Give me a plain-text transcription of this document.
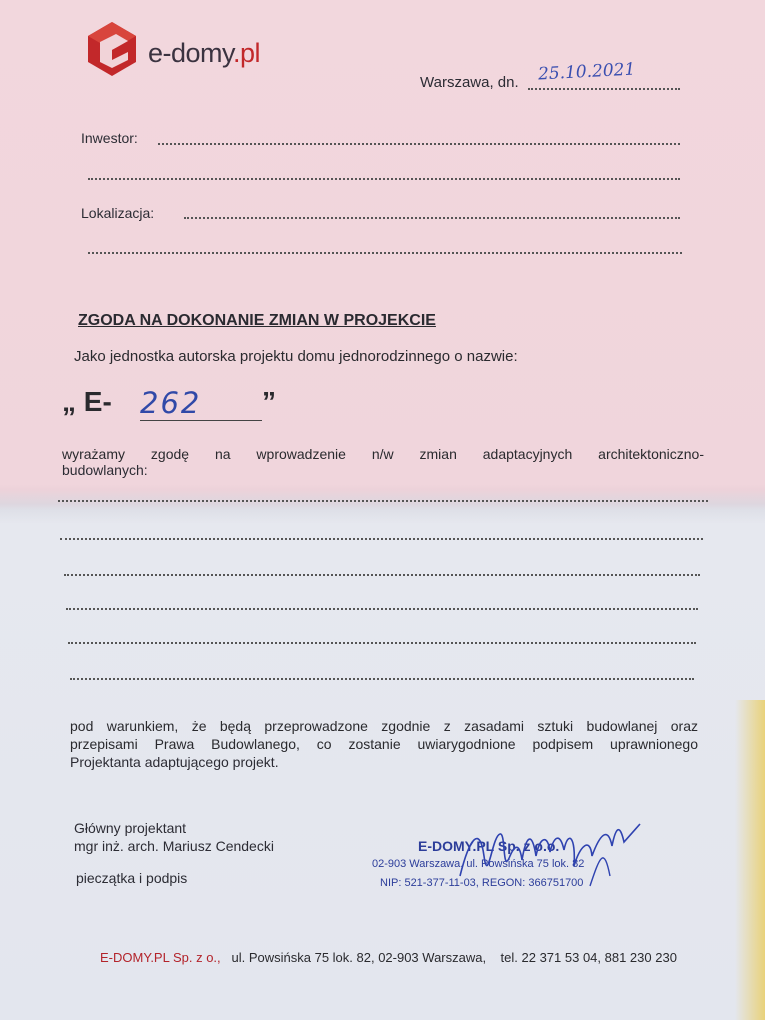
e-domy.pl
Warszawa, dn. 25.10.2021
Inwestor:
Lokalizacja:
ZGODA NA DOKONANIE ZMIAN W PROJEKCIE
Jako jednostka autorska projektu domu jednorodzinnego o nazwie:
„ E- 262 ”
wyrażamy zgodę na wprowadzenie n/w zmian adaptacyjnych architektoniczno-
budowlanych:
pod warunkiem, że będą przeprowadzone zgodnie z zasadami sztuki budowlanej oraz
przepisami Prawa Budowlanego, co zostanie uwiarygodnione podpisem uprawnionego
Projektanta adaptującego projekt.
Główny projektant
mgr inż. arch. Mariusz Cendecki
pieczątka i podpis
E-DOMY.PL Sp. z o.o.
02-903 Warszawa, ul. Powsińska 75 lok. 82
NIP: 521-377-11-03, REGON: 366751700
E-DOMY.PL Sp. z o., ul. Powsińska 75 lok. 82, 02-903 Warszawa, tel. 22 371 53 04, 881 230 230
